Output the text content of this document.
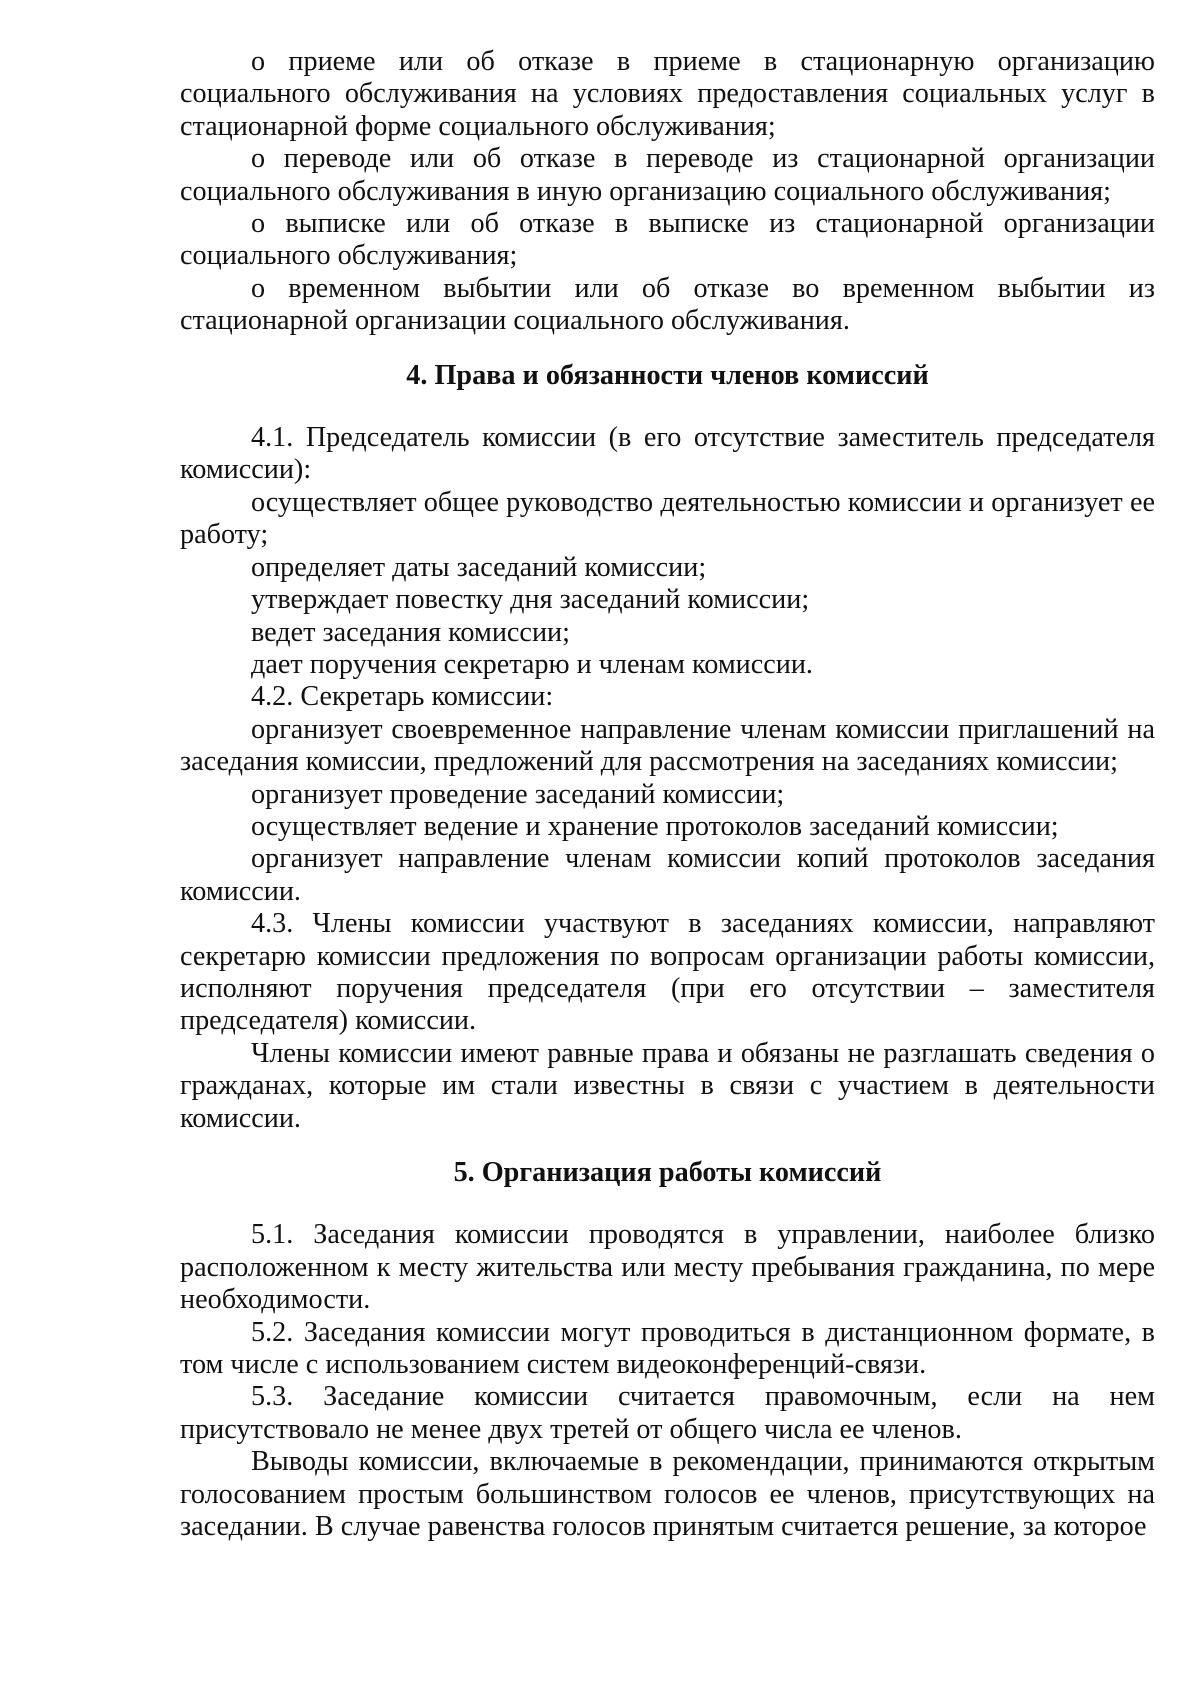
о приеме или об отказе в приеме в стационарную организацию социального обслуживания на условиях предоставления социальных услуг в стационарной форме социального обслуживания;

о переводе или об отказе в переводе из стационарной организации социального обслуживания в иную организацию социального обслуживания;

о выписке или об отказе в выписке из стационарной организации социального обслуживания;

о временном выбытии или об отказе во временном выбытии из стационарной организации социального обслуживания.

4. Права и обязанности членов комиссий

4.1. Председатель комиссии (в его отсутствие заместитель председателя комиссии):

осуществляет общее руководство деятельностью комиссии и организует ее работу;

определяет даты заседаний комиссии;

утверждает повестку дня заседаний комиссии;

ведет заседания комиссии;

дает поручения секретарю и членам комиссии.

4.2. Секретарь комиссии:

организует своевременное направление членам комиссии приглашений на заседания комиссии, предложений для рассмотрения на заседаниях комиссии;

организует проведение заседаний комиссии;

осуществляет ведение и хранение протоколов заседаний комиссии;

организует направление членам комиссии копий протоколов заседания комиссии.

4.3. Члены комиссии участвуют в заседаниях комиссии, направляют секретарю комиссии предложения по вопросам организации работы комиссии, исполняют поручения председателя (при его отсутствии – заместителя председателя) комиссии.

Члены комиссии имеют равные права и обязаны не разглашать сведения о гражданах, которые им стали известны в связи с участием в деятельности комиссии.

5. Организация работы комиссий

5.1. Заседания комиссии проводятся в управлении, наиболее близко расположенном к месту жительства или месту пребывания гражданина, по мере необходимости.

5.2. Заседания комиссии могут проводиться в дистанционном формате, в том числе с использованием систем видеоконференций-связи.

5.3. Заседание комиссии считается правомочным, если на нем присутствовало не менее двух третей от общего числа ее членов.

Выводы комиссии, включаемые в рекомендации, принимаются открытым голосованием простым большинством голосов ее членов, присутствующих на заседании. В случае равенства голосов принятым считается решение, за которое
